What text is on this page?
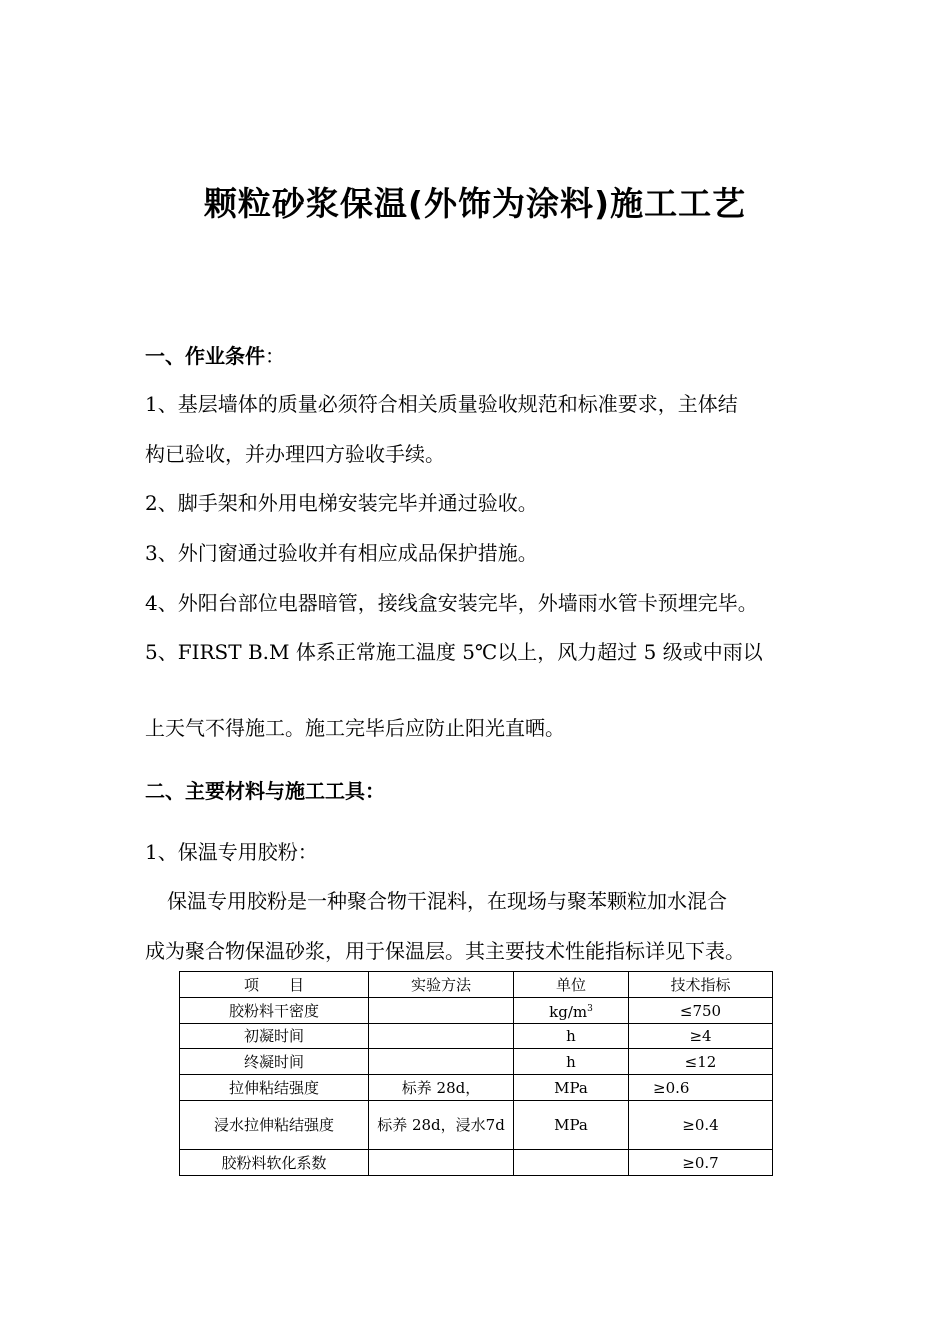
颗粒砂浆保温(外饰为涂料)施工工艺
一、作业条件：
1、基层墙体的质量必须符合相关质量验收规范和标准要求，主体结
构已验收，并办理四方验收手续。
2、脚手架和外用电梯安装完毕并通过验收。
3、外门窗通过验收并有相应成品保护措施。
4、外阳台部位电器暗管，接线盒安装完毕，外墙雨水管卡预埋完毕。
5、FIRST B.M 体系正常施工温度 5℃以上，风力超过 5 级或中雨以
上天气不得施工。施工完毕后应防止阳光直晒。
二、主要材料与施工工具：
1、保温专用胶粉：
保温专用胶粉是一种聚合物干混料，在现场与聚苯颗粒加水混合
成为聚合物保温砂浆，用于保温层。其主要技术性能指标详见下表。
项　　目	实验方法	单位	技术指标
胶粉料干密度		$kg/m^3$	≤750
初凝时间		h	≥4
终凝时间		h	≤12
拉伸粘结强度	标养 28d，	MPa	≥0.6
浸水拉伸粘结强度	标养 28d，浸水7d	MPa	≥0.4
胶粉料软化系数			≥0.7
